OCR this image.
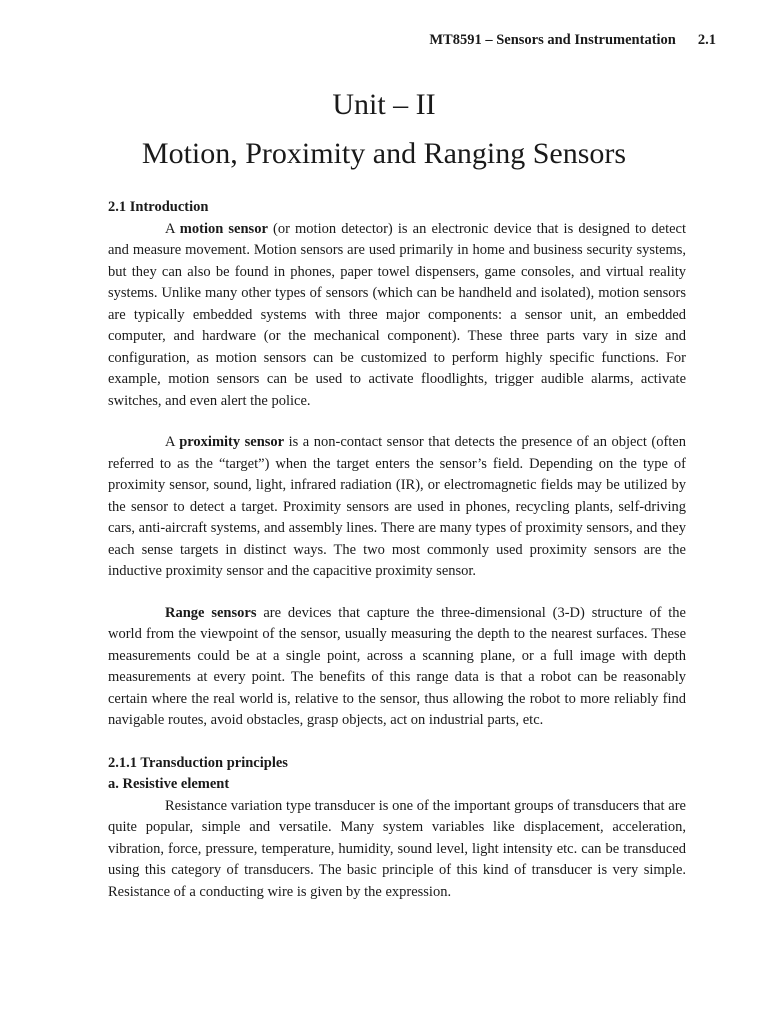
MT8591 – Sensors and Instrumentation 2.1
Unit – II
Motion, Proximity and Ranging Sensors
2.1 Introduction

A motion sensor (or motion detector) is an electronic device that is designed to detect and measure movement. Motion sensors are used primarily in home and business security systems, but they can also be found in phones, paper towel dispensers, game consoles, and virtual reality systems. Unlike many other types of sensors (which can be handheld and isolated), motion sensors are typically embedded systems with three major components: a sensor unit, an embedded computer, and hardware (or the mechanical component). These three parts vary in size and configuration, as motion sensors can be customized to perform highly specific functions. For example, motion sensors can be used to activate floodlights, trigger audible alarms, activate switches, and even alert the police.

A proximity sensor is a non-contact sensor that detects the presence of an object (often referred to as the “target”) when the target enters the sensor’s field. Depending on the type of proximity sensor, sound, light, infrared radiation (IR), or electromagnetic fields may be utilized by the sensor to detect a target. Proximity sensors are used in phones, recycling plants, self-driving cars, anti-aircraft systems, and assembly lines. There are many types of proximity sensors, and they each sense targets in distinct ways. The two most commonly used proximity sensors are the inductive proximity sensor and the capacitive proximity sensor.

Range sensors are devices that capture the three-dimensional (3-D) structure of the world from the viewpoint of the sensor, usually measuring the depth to the nearest surfaces. These measurements could be at a single point, across a scanning plane, or a full image with depth measurements at every point. The benefits of this range data is that a robot can be reasonably certain where the real world is, relative to the sensor, thus allowing the robot to more reliably find navigable routes, avoid obstacles, grasp objects, act on industrial parts, etc.

2.1.1 Transduction principles
a. Resistive element

Resistance variation type transducer is one of the important groups of transducers that are quite popular, simple and versatile. Many system variables like displacement, acceleration, vibration, force, pressure, temperature, humidity, sound level, light intensity etc. can be transduced using this category of transducers. The basic principle of this kind of transducer is very simple. Resistance of a conducting wire is given by the expression.
